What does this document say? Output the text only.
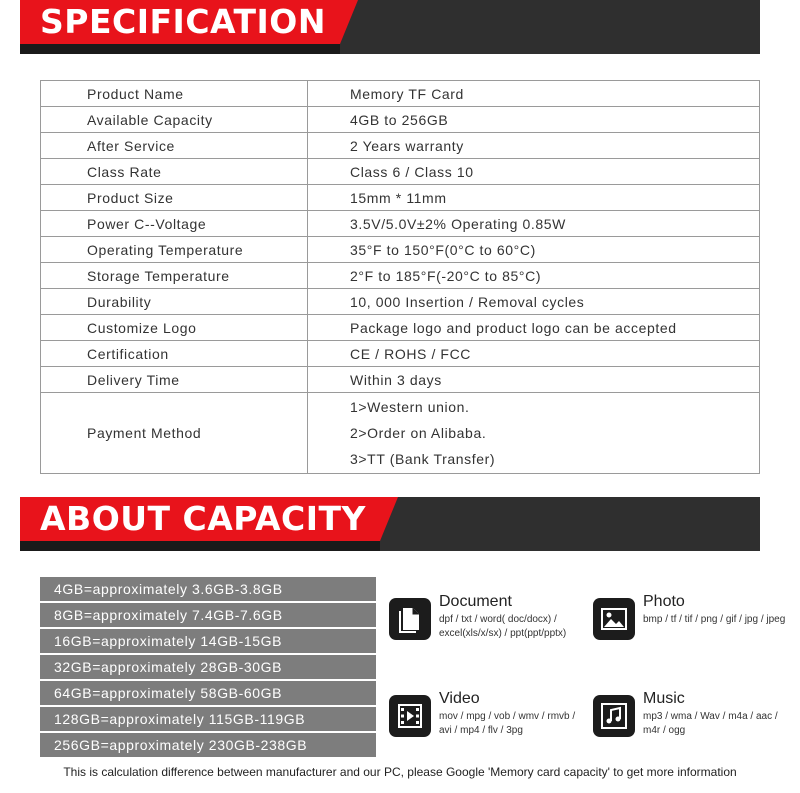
SPECIFICATION
Product Name	Memory TF Card
Available Capacity	4GB to 256GB
After Service	2 Years warranty
Class Rate	Class 6 / Class 10
Product Size	15mm * 11mm
Power C--Voltage	3.5V/5.0V±2% Operating 0.85W
Operating Temperature	35°F to 150°F(0°C to 60°C)
Storage Temperature	2°F to 185°F(-20°C to 85°C)
Durability	10, 000 Insertion / Removal cycles
Customize Logo	Package logo and product logo can be accepted
Certification	CE / ROHS / FCC
Delivery Time	Within 3 days
Payment Method	1>Western union.
2>Order on Alibaba.
3>TT (Bank Transfer)
ABOUT CAPACITY
4GB=approximately 3.6GB-3.8GB
8GB=approximately 7.4GB-7.6GB
16GB=approximately 14GB-15GB
32GB=approximately 28GB-30GB
64GB=approximately 58GB-60GB
128GB=approximately 115GB-119GB
256GB=approximately 230GB-238GB
Document
dpf / txt / word( doc/docx) / excel(xls/x/sx) / ppt(ppt/pptx)
Photo
bmp / tf / tif / png / gif / jpg / jpeg
Video
mov / mpg / vob / wmv / rmvb / avi / mp4 / flv / 3pg
Music
mp3 / wma / Wav / m4a / aac / m4r / ogg
This is calculation difference between manufacturer and our PC, please Google 'Memory card capacity' to get more information
